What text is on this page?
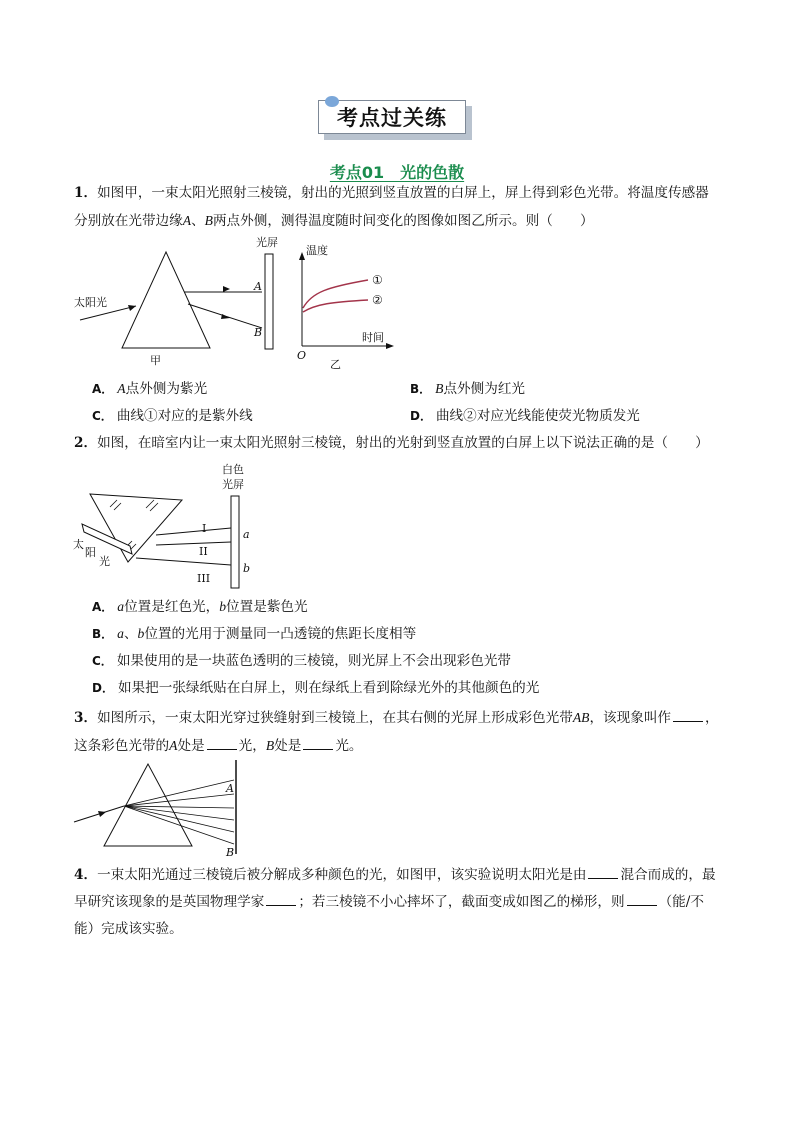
考点过关练
考点01　光的色散
1．如图甲，一束太阳光照射三棱镜，射出的光照到竖直放置的白屏上，屏上得到彩色光带。将温度传感器
分别放在光带边缘A、B两点外侧，测得温度随时间变化的图像如图乙所示。则（　　）
光屏
太阳光
A
B
甲
温度
时间
O
乙
①
②
A． A点外侧为紫光	B． B点外侧为红光
C． 曲线①对应的是紫外线	D． 曲线②对应光线能使荧光物质发光
2．如图，在暗室内让一束太阳光照射三棱镜，射出的光射到竖直放置的白屏上以下说法正确的是（　　）
白色
光屏
I
II
III
a
b
太
阳
光
A． a位置是红色光，b位置是紫色光
B． a、b位置的光用于测量同一凸透镜的焦距长度相等
C． 如果使用的是一块蓝色透明的三棱镜，则光屏上不会出现彩色光带
D． 如果把一张绿纸贴在白屏上，则在绿纸上看到除绿光外的其他颜色的光
3．如图所示，一束太阳光穿过狭缝射到三棱镜上，在其右侧的光屏上形成彩色光带AB，该现象叫作	，
这条彩色光带的A处是	光，B处是	光。
A
B
4．一束太阳光通过三棱镜后被分解成多种颜色的光，如图甲，该实验说明太阳光是由	混合而成的，最
早研究该现象的是英国物理学家	；若三棱镜不小心摔坏了，截面变成如图乙的梯形，则	（能/不
能）完成该实验。
